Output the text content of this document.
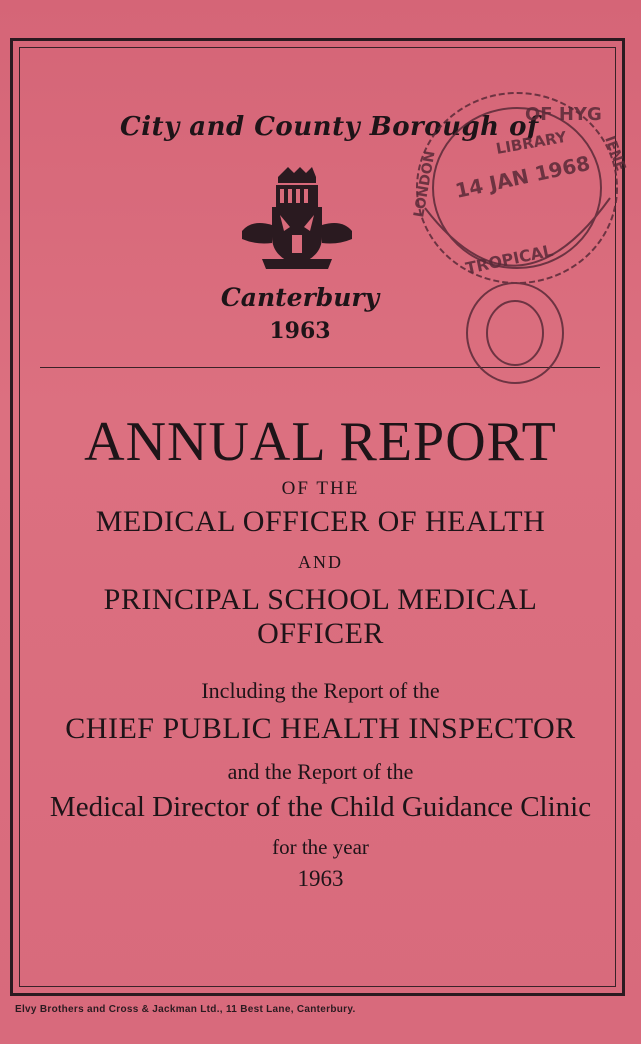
City and County Borough of
Canterbury
1963
OF HYG
LONDON	IENE
LIBRARY
14 JAN 1968
TROPICAL
ANNUAL REPORT
OF THE
MEDICAL OFFICER OF HEALTH
AND
PRINCIPAL SCHOOL MEDICAL
OFFICER
Including the Report of the
CHIEF PUBLIC HEALTH INSPECTOR
and the Report of the
Medical Director of the Child Guidance Clinic
for the year
1963
Elvy Brothers and Cross & Jackman Ltd., 11 Best Lane, Canterbury.
